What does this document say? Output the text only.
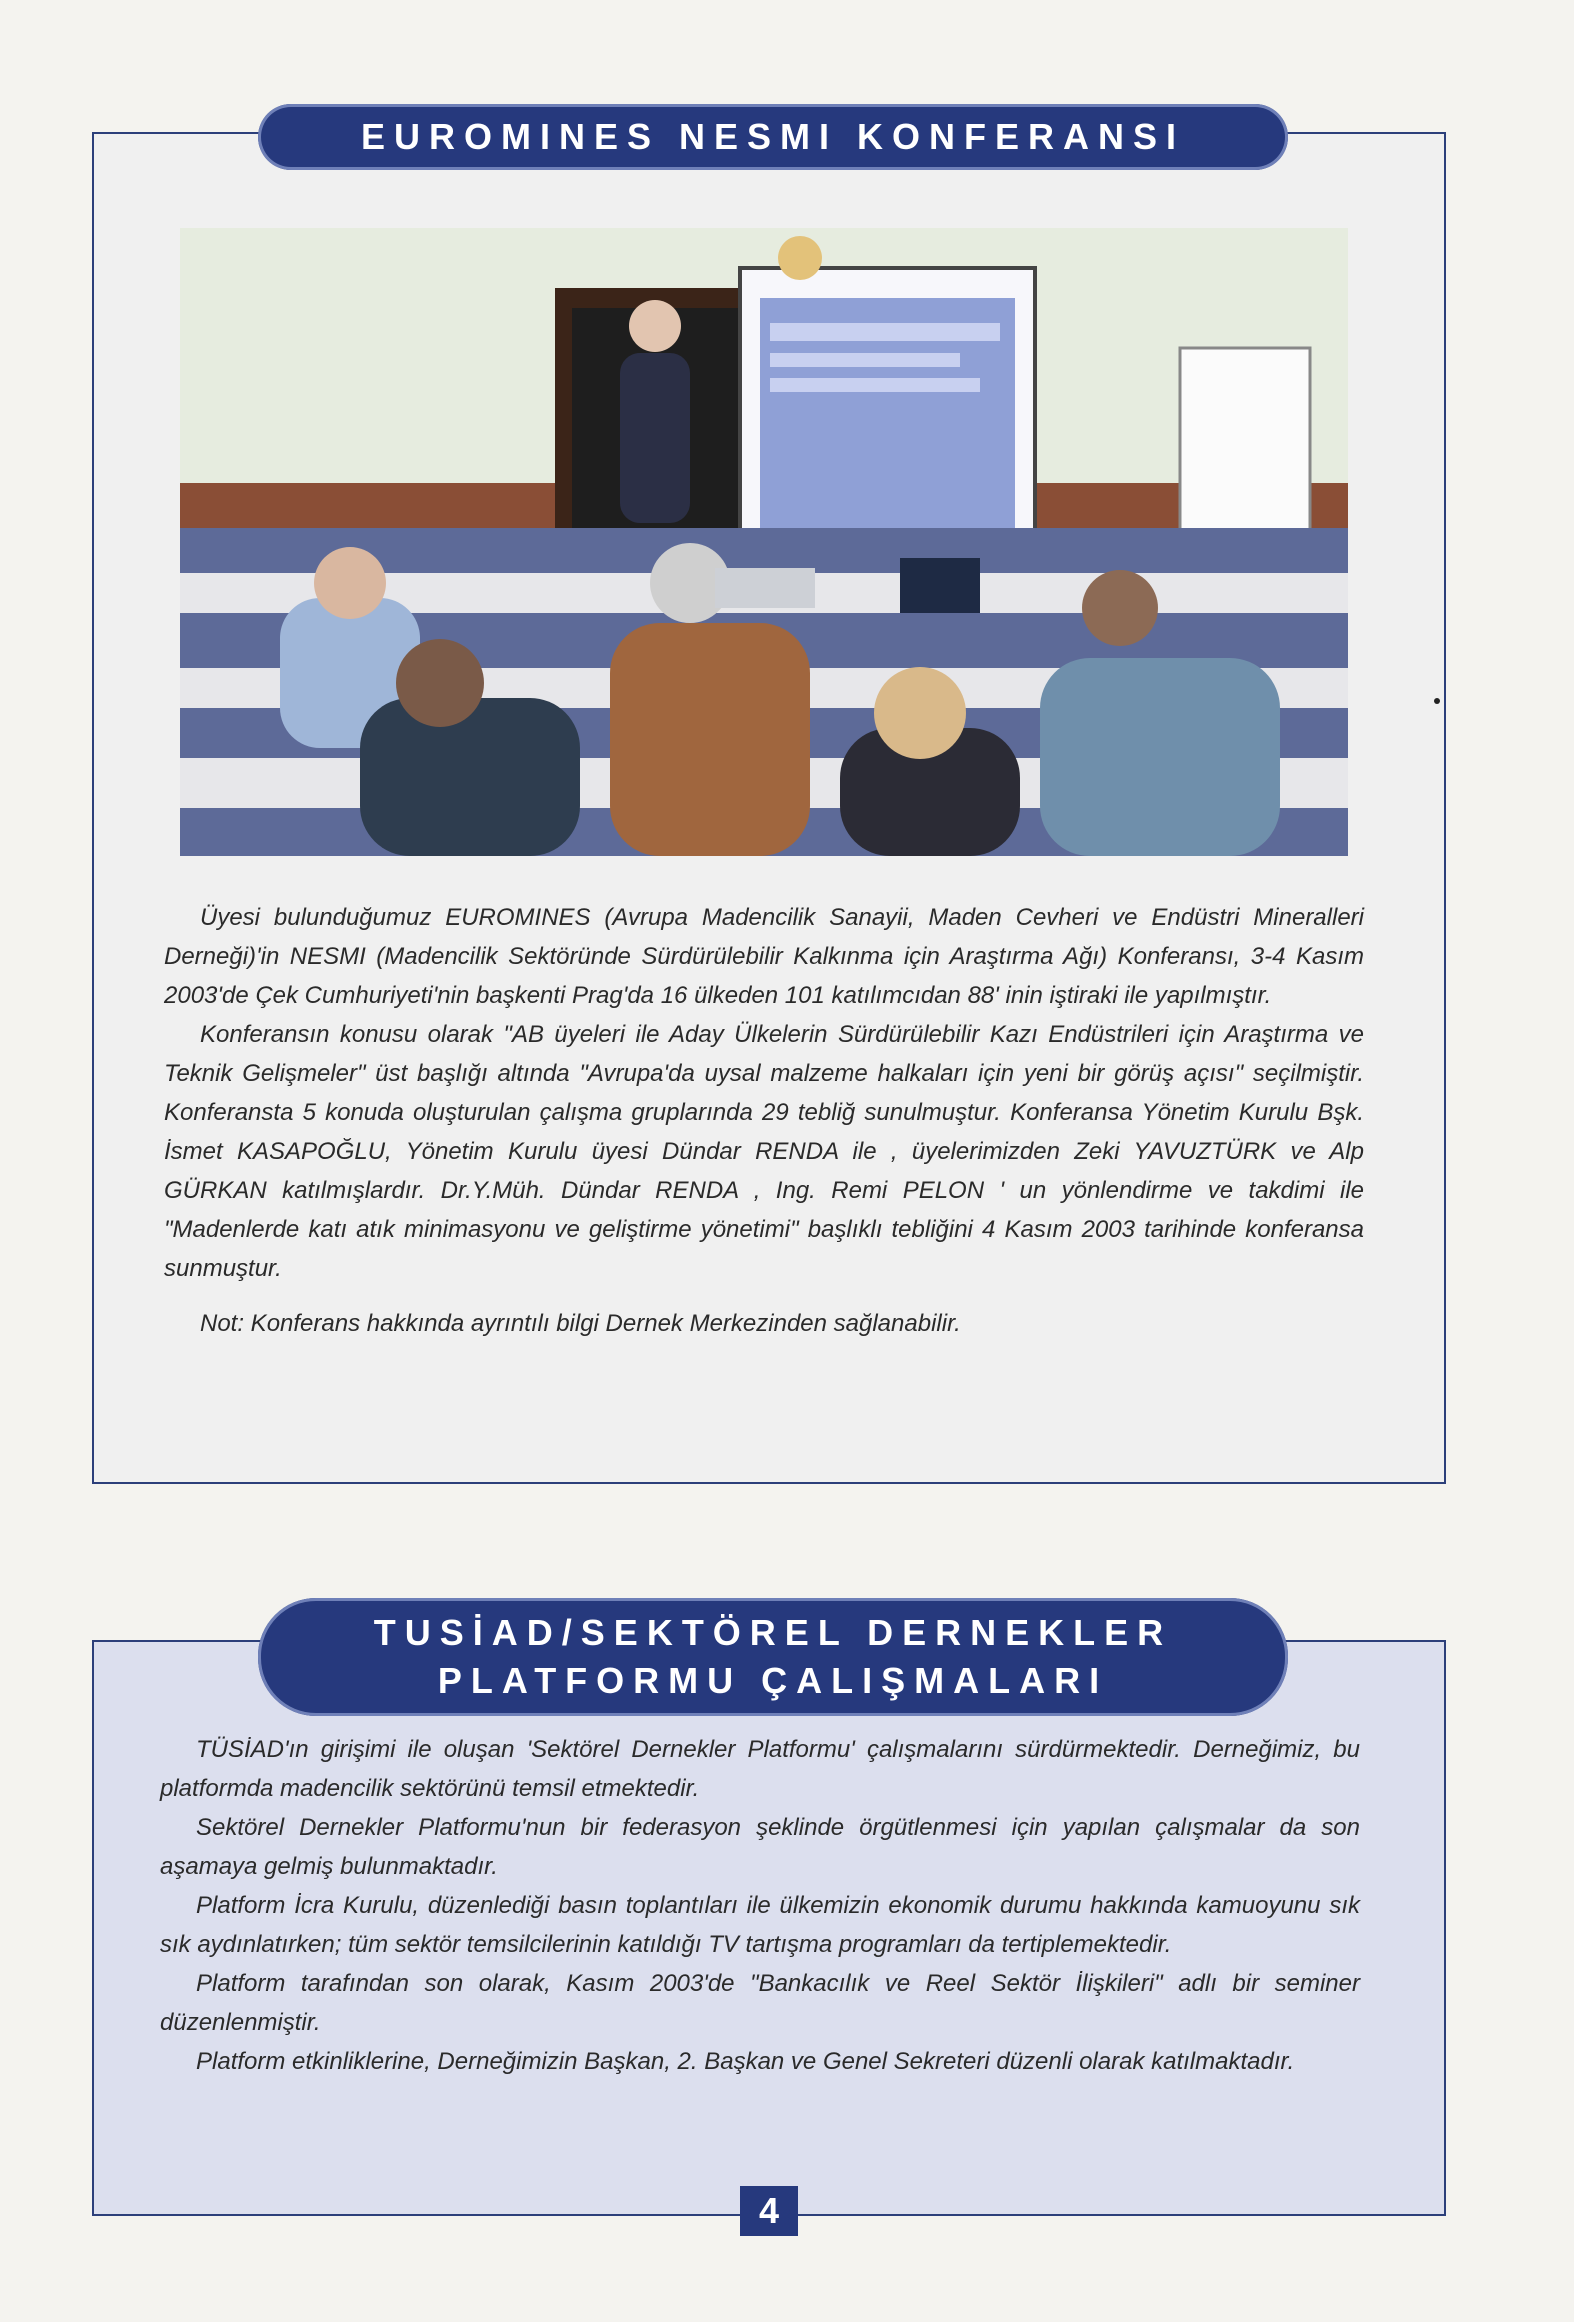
EUROMINES NESMI KONFERANSI

Üyesi bulunduğumuz EUROMINES (Avrupa Madencilik Sanayii, Maden Cevheri ve Endüstri Mineralleri Derneği)'in NESMI (Madencilik Sektöründe Sürdürülebilir Kalkınma için Araştırma Ağı) Konferansı, 3-4 Kasım 2003'de Çek Cumhuriyeti'nin başkenti Prag'da 16 ülkeden 101 katılımcıdan 88' inin iştiraki ile yapılmıştır.

Konferansın konusu olarak "AB üyeleri ile Aday Ülkelerin Sürdürülebilir Kazı Endüstrileri için Araştırma ve Teknik Gelişmeler" üst başlığı altında "Avrupa'da uysal malzeme halkaları için yeni bir görüş açısı" seçilmiştir. Konferansta 5 konuda oluşturulan çalışma gruplarında 29 tebliğ sunulmuştur. Konferansa Yönetim Kurulu Bşk. İsmet KASAPOĞLU, Yönetim Kurulu üyesi Dündar RENDA ile , üyelerimizden Zeki YAVUZTÜRK ve Alp GÜRKAN katılmışlardır. Dr.Y.Müh. Dündar RENDA , Ing. Remi PELON ' un yönlendirme ve takdimi ile "Madenlerde katı atık minimasyonu ve geliştirme yönetimi" başlıklı tebliğini 4 Kasım 2003 tarihinde konferansa sunmuştur.

Not: Konferans hakkında ayrıntılı bilgi Dernek Merkezinden sağlanabilir.

TUSİAD/SEKTÖREL DERNEKLER
PLATFORMU ÇALIŞMALARI

TÜSİAD'ın girişimi ile oluşan 'Sektörel Dernekler Platformu' çalışmalarını sürdürmektedir. Derneğimiz, bu platformda madencilik sektörünü temsil etmektedir.

Sektörel Dernekler Platformu'nun bir federasyon şeklinde örgütlenmesi için yapılan çalışmalar da son aşamaya gelmiş bulunmaktadır.

Platform İcra Kurulu, düzenlediği basın toplantıları ile ülkemizin ekonomik durumu hakkında kamuoyunu sık sık aydınlatırken; tüm sektör temsilcilerinin katıldığı TV tartışma programları da tertiplemektedir.

Platform tarafından son olarak, Kasım 2003'de "Bankacılık ve Reel Sektör İlişkileri" adlı bir seminer düzenlenmiştir.

Platform etkinliklerine, Derneğimizin Başkan, 2. Başkan ve Genel Sekreteri düzenli olarak katılmaktadır.

4
